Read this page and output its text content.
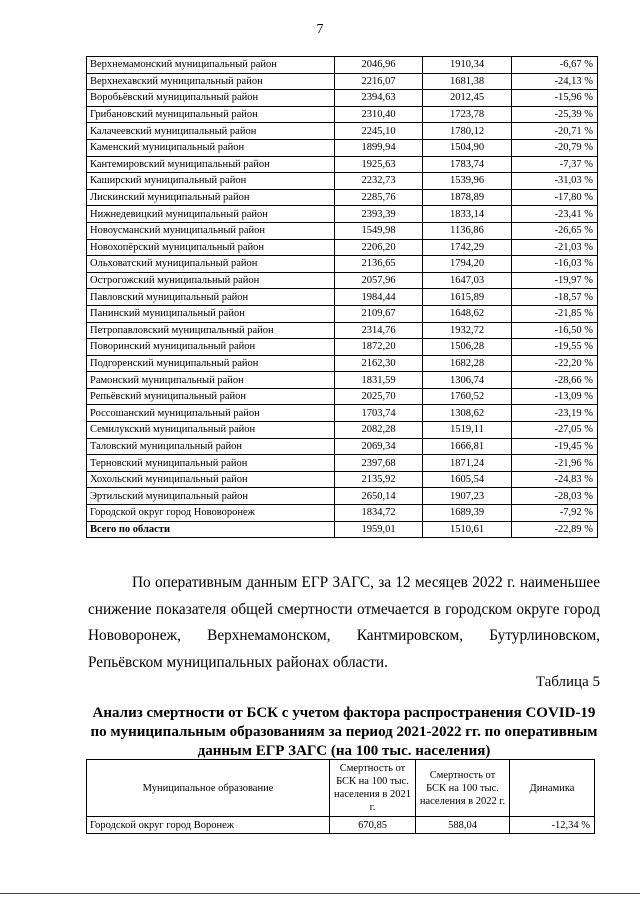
7
Верхнемамонский муниципальный район	2046,96	1910,34	-6,67 %
Верхнехавский муниципальный район	2216,07	1681,38	-24,13 %
Воробьёвский муниципальный район	2394,63	2012,45	-15,96 %
Грибановский муниципальный район	2310,40	1723,78	-25,39 %
Калачеевский муниципальный район	2245,10	1780,12	-20,71 %
Каменский муниципальный район	1899,94	1504,90	-20,79 %
Кантемировский муниципальный район	1925,63	1783,74	-7,37 %
Каширский муниципальный район	2232,73	1539,96	-31,03 %
Лискинский муниципальный район	2285,76	1878,89	-17,80 %
Нижнедевицкий муниципальный район	2393,39	1833,14	-23,41 %
Новоусманский муниципальный район	1549,98	1136,86	-26,65 %
Новохопёрский муниципальный район	2206,20	1742,29	-21,03 %
Ольховатский муниципальный район	2136,65	1794,20	-16,03 %
Острогожский муниципальный район	2057,96	1647,03	-19,97 %
Павловский муниципальный район	1984,44	1615,89	-18,57 %
Панинский муниципальный район	2109,67	1648,62	-21,85 %
Петропавловский муниципальный район	2314,76	1932,72	-16,50 %
Поворинский муниципальный район	1872,20	1506,28	-19,55 %
Подгоренский муниципальный район	2162,30	1682,28	-22,20 %
Рамонский муниципальный район	1831,59	1306,74	-28,66 %
Репьёвский муниципальный район	2025,70	1760,52	-13,09 %
Россошанский муниципальный район	1703,74	1308,62	-23,19 %
Семилукский муниципальный район	2082,28	1519,11	-27,05 %
Таловский муниципальный район	2069,34	1666,81	-19,45 %
Терновский муниципальный район	2397,68	1871,24	-21,96 %
Хохольский муниципальный район	2135,92	1605,54	-24,83 %
Эртильский муниципальный район	2650,14	1907,23	-28,03 %
Городской округ город Нововоронеж	1834,72	1689,39	-7,92 %
Всего по области	1959,01	1510,61	-22,89 %
По оперативным данным ЕГР ЗАГС, за 12 месяцев 2022 г. наименьшее снижение показателя общей смертности отмечается в городском округе город Нововоронеж, Верхнемамонском, Кантмировском, Бутурлиновском, Репьёвском муниципальных районах области.
Таблица 5
Анализ смертности от БСК с учетом фактора распространения COVID-19 по муниципальным образованиям за период 2021-2022 гг. по оперативным данным ЕГР ЗАГС (на 100 тыс. населения)
Муниципальное образование	Смертность от БСК на 100 тыс. населения в 2021 г.	Смертность от БСК на 100 тыс. населения в 2022 г.	Динамика
Городской округ город Воронеж	670,85	588,04	-12,34 %
